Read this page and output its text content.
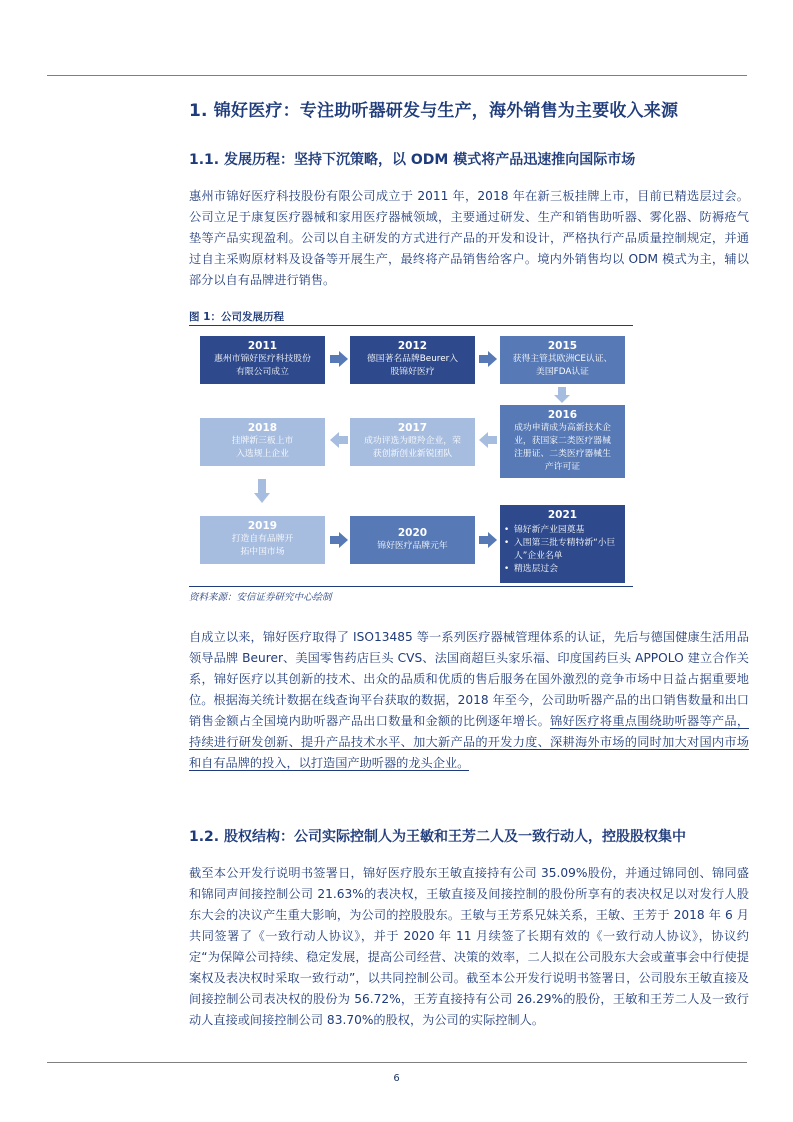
1. 锦好医疗：专注助听器研发与生产，海外销售为主要收入来源
1.1. 发展历程：坚持下沉策略，以 ODM 模式将产品迅速推向国际市场

惠州市锦好医疗科技股份有限公司成立于 2011 年，2018 年在新三板挂牌上市，目前已精选层过会。公司立足于康复医疗器械和家用医疗器械领域，主要通过研发、生产和销售助听器、雾化器、防褥疮气垫等产品实现盈利。公司以自主研发的方式进行产品的开发和设计，严格执行产品质量控制规定，并通过自主采购原材料及设备等开展生产，最终将产品销售给客户。境内外销售均以 ODM 模式为主，辅以部分以自有品牌进行销售。

图 1：公司发展历程
2011
惠州市锦好医疗科技股份有限公司成立
2012
德国著名品牌Beurer入股锦好医疗
2015
获得主管其欧洲CE认证、美国FDA认证
2016
成功申请成为高新技术企业，获国家二类医疗器械注册证、二类医疗器械生产许可证
2017
成功评选为瞪羚企业，荣获创新创业新锐团队
2018
挂牌新三板上市入选规上企业
2019
打造自有品牌开拓中国市场
2020
锦好医疗品牌元年
2021
• 锦好新产业园奠基
• 入围第三批专精特新“小巨人”企业名单
• 精选层过会
资料来源：安信证券研究中心绘制

自成立以来，锦好医疗取得了 ISO13485 等一系列医疗器械管理体系的认证，先后与德国健康生活用品领导品牌 Beurer、美国零售药店巨头 CVS、法国商超巨头家乐福、印度国药巨头 APPOLO 建立合作关系，锦好医疗以其创新的技术、出众的品质和优质的售后服务在国外激烈的竞争市场中日益占据重要地位。根据海关统计数据在线查询平台获取的数据，2018 年至今，公司助听器产品的出口销售数量和出口销售金额占全国境内助听器产品出口数量和金额的比例逐年增长。锦好医疗将重点围绕助听器等产品，持续进行研发创新、提升产品技术水平、加大新产品的开发力度、深耕海外市场的同时加大对国内市场和自有品牌的投入，以打造国产助听器的龙头企业。

1.2. 股权结构：公司实际控制人为王敏和王芳二人及一致行动人，控股股权集中

截至本公开发行说明书签署日，锦好医疗股东王敏直接持有公司 35.09%股份，并通过锦同创、锦同盛和锦同声间接控制公司 21.63%的表决权，王敏直接及间接控制的股份所享有的表决权足以对发行人股东大会的决议产生重大影响，为公司的控股股东。王敏与王芳系兄妹关系，王敏、王芳于 2018 年 6 月共同签署了《一致行动人协议》，并于 2020 年 11 月续签了长期有效的《一致行动人协议》，协议约定“为保障公司持续、稳定发展，提高公司经营、决策的效率，二人拟在公司股东大会或董事会中行使提案权及表决权时采取一致行动”，以共同控制公司。截至本公开发行说明书签署日，公司股东王敏直接及间接控制公司表决权的股份为 56.72%，王芳直接持有公司 26.29%的股份，王敏和王芳二人及一致行动人直接或间接控制公司 83.70%的股权，为公司的实际控制人。

6
